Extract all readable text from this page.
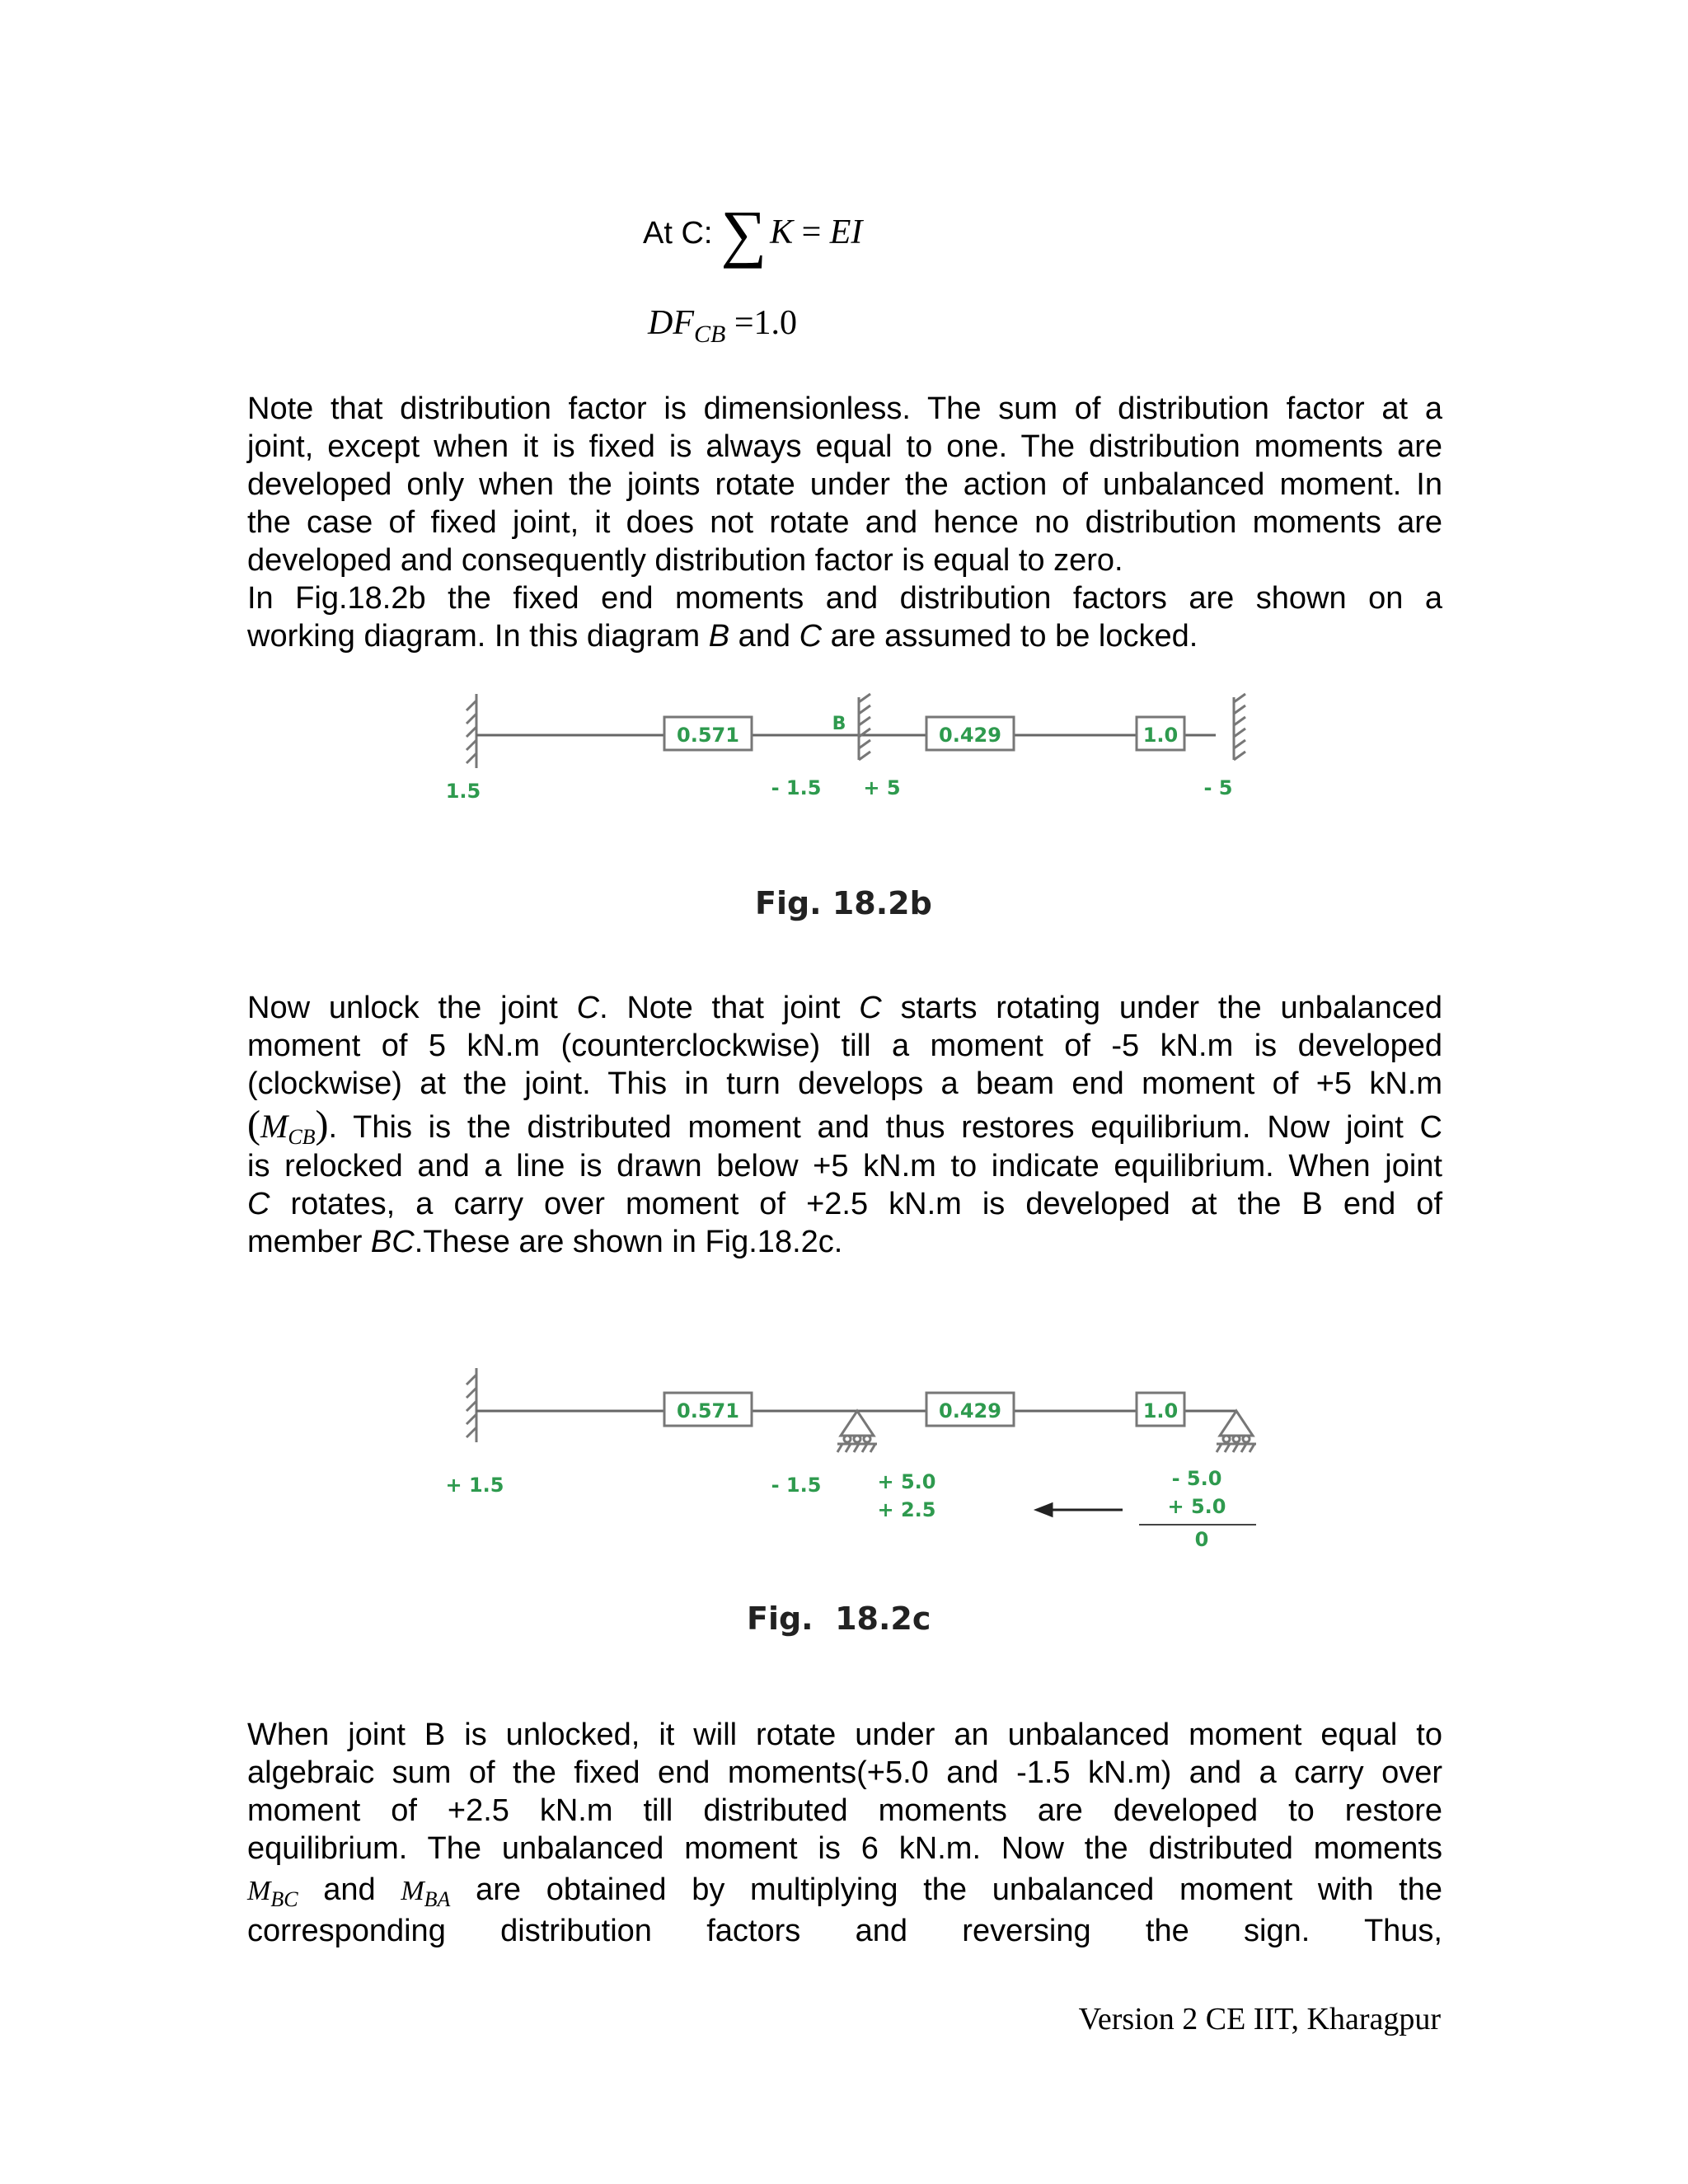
At C: ∑K = EI
$DF_{CB} =1.0$
Note that distribution factor is dimensionless. The sum of distribution factor at a
joint, except when it is fixed is always equal to one. The distribution moments are
developed only when the joints rotate under the action of unbalanced moment. In
the case of fixed joint, it does not rotate and hence no distribution moments are
developed and consequently distribution factor is equal to zero.
In Fig.18.2b the fixed end moments and distribution factors are shown on a
working diagram. In this diagram B and C are assumed to be locked.
0.571	0.429	1.0
B
1.5	- 1.5 + 5	- 5
Fig. 18.2b
Now unlock the joint C. Note that joint C starts rotating under the unbalanced
moment of 5 kN.m (counterclockwise) till a moment of -5 kN.m is developed
(clockwise) at the joint. This in turn develops a beam end moment of +5 kN.m
$(M_{CB})$. This is the distributed moment and thus restores equilibrium. Now joint C
is relocked and a line is drawn below +5 kN.m to indicate equilibrium. When joint
C rotates, a carry over moment of +2.5 kN.m is developed at the B end of
member BC.These are shown in Fig.18.2c.
0.571	0.429	1.0
+ 1.5	- 1.5	+ 5.0
+ 2.5
- 5.0
+ 5.0
0
Fig.  18.2c
When joint B is unlocked, it will rotate under an unbalanced moment equal to
algebraic sum of the fixed end moments(+5.0 and -1.5 kN.m) and a carry over
moment of +2.5 kN.m till distributed moments are developed to restore
equilibrium. The unbalanced moment is 6 kN.m. Now the distributed moments
$M_{BC}$ and $M_{BA}$ are obtained by multiplying the unbalanced moment with the
corresponding distribution factors and reversing the sign. Thus,
Version 2 CE IIT, Kharagpur
